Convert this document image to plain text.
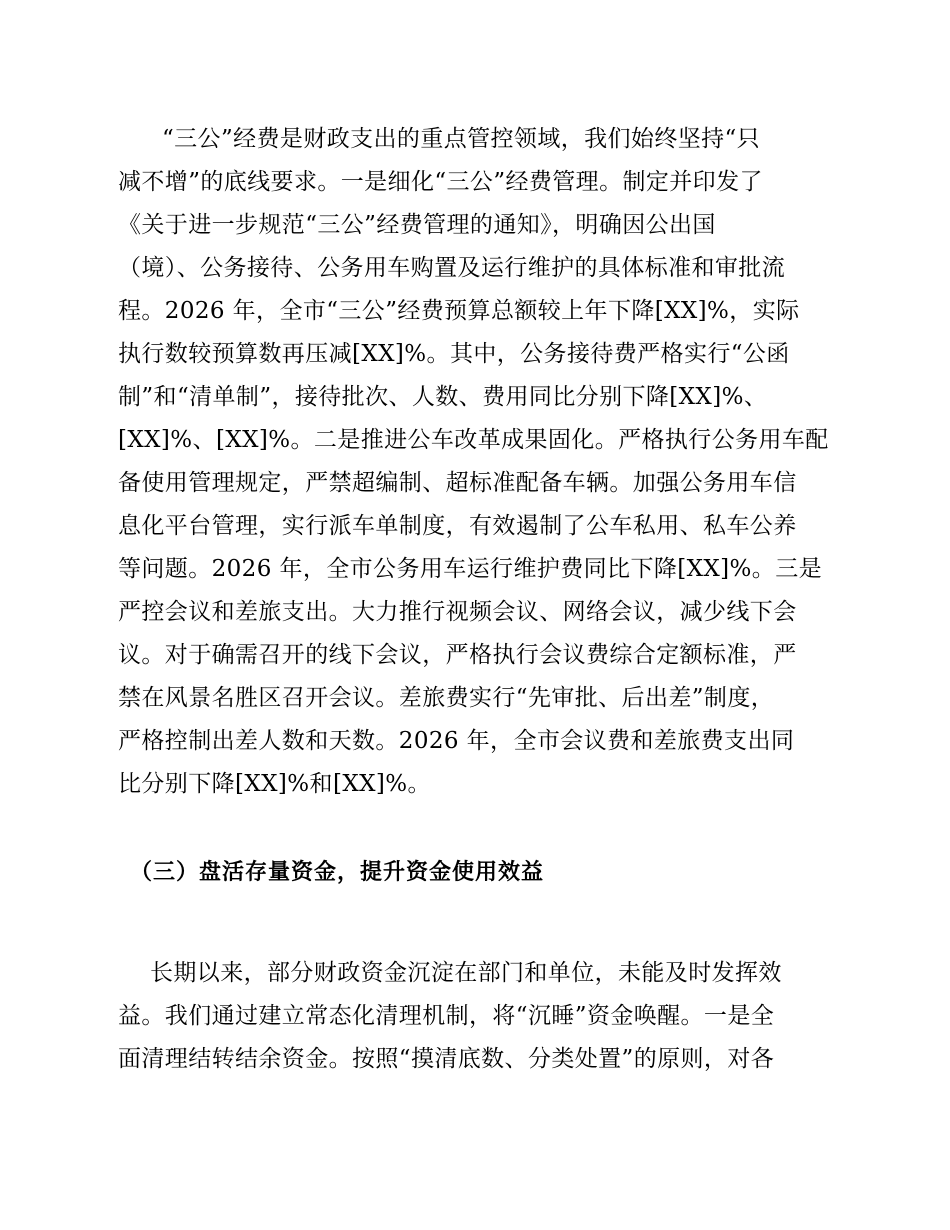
“三公”经费是财政支出的重点管控领域，我们始终坚持“只
减不增”的底线要求。一是细化“三公”经费管理。制定并印发了
《关于进一步规范“三公”经费管理的通知》，明确因公出国
（境）、公务接待、公务用车购置及运行维护的具体标准和审批流
程。2026 年，全市“三公”经费预算总额较上年下降[XX]%，实际
执行数较预算数再压减[XX]%。其中，公务接待费严格实行“公函
制”和“清单制”，接待批次、人数、费用同比分别下降[XX]%、
[XX]%、[XX]%。二是推进公车改革成果固化。严格执行公务用车配
备使用管理规定，严禁超编制、超标准配备车辆。加强公务用车信
息化平台管理，实行派车单制度，有效遏制了公车私用、私车公养
等问题。2026 年，全市公务用车运行维护费同比下降[XX]%。三是
严控会议和差旅支出。大力推行视频会议、网络会议，减少线下会
议。对于确需召开的线下会议，严格执行会议费综合定额标准，严
禁在风景名胜区召开会议。差旅费实行“先审批、后出差”制度，
严格控制出差人数和天数。2026 年，全市会议费和差旅费支出同
比分别下降[XX]%和[XX]%。
（三）盘活存量资金，提升资金使用效益
长期以来，部分财政资金沉淀在部门和单位，未能及时发挥效
益。我们通过建立常态化清理机制，将“沉睡”资金唤醒。一是全
面清理结转结余资金。按照“摸清底数、分类处置”的原则，对各
